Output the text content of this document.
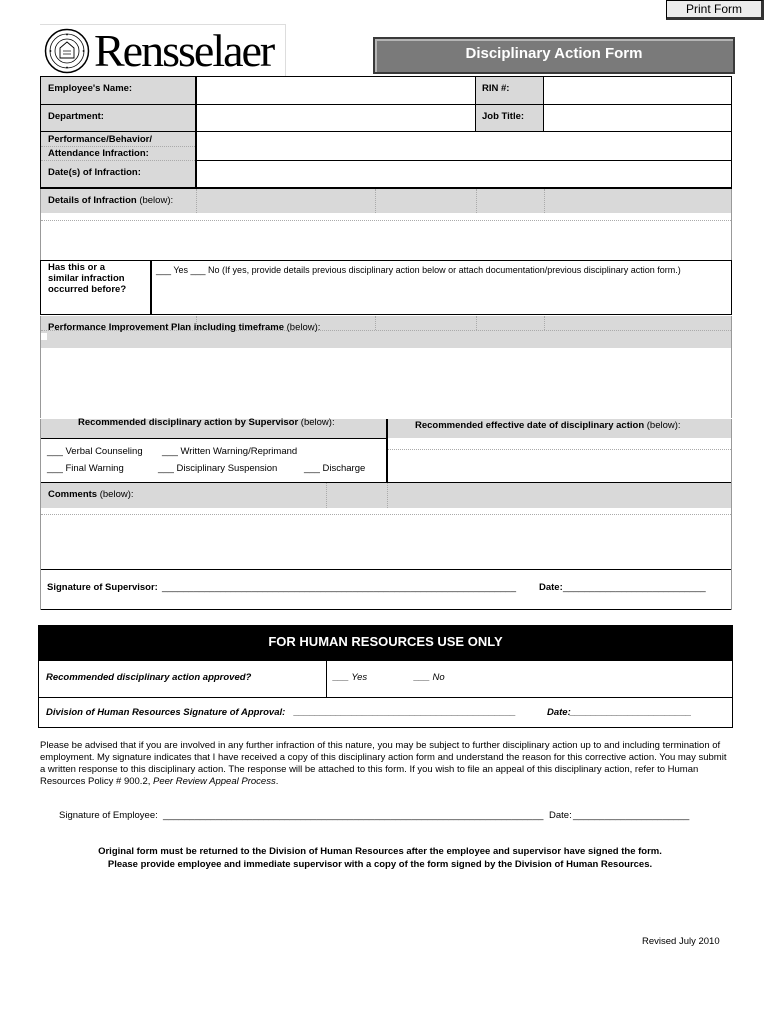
Print Form
Rensselaer	Disciplinary Action Form
Employee's Name:	RIN #:
Department:	Job Title:
Performance/Behavior/
Attendance Infraction:
Date(s) of Infraction:
Details of Infraction (below):
Has this or a
similar infraction
occurred before?
___ Yes ___ No (If yes, provide details previous disciplinary action below or attach documentation/previous disciplinary action form.)
Performance Improvement Plan including timeframe (below):
Recommended disciplinary action by Supervisor (below):	Recommended effective date of disciplinary action (below):
___ Verbal Counseling ___ Written Warning/Reprimand
___ Final Warning	___ Disciplinary Suspension	___ Discharge
Comments (below):
Signature of Supervisor: ___________________________________________________________________ Date: ___________________________
FOR HUMAN RESOURCES USE ONLY
Recommended disciplinary action approved?	___ Yes	___ No
Division of Human Resources Signature of Approval: __________________________________________	Date: _______________________
Please be advised that if you are involved in any further infraction of this nature, you may be subject to further disciplinary action up to and including termination of employment. My signature indicates that I have received a copy of this disciplinary action form and understand the reason for this corrective action. You may submit a written response to this disciplinary action. The response will be attached to this form. If you wish to file an appeal of this disciplinary action, refer to Human Resources Policy # 900.2, Peer Review Appeal Process.
Signature of Employee: ________________________________________________________________________ Date: ______________________
Original form must be returned to the Division of Human Resources after the employee and supervisor have signed the form.
Please provide employee and immediate supervisor with a copy of the form signed by the Division of Human Resources.
Revised July 2010
